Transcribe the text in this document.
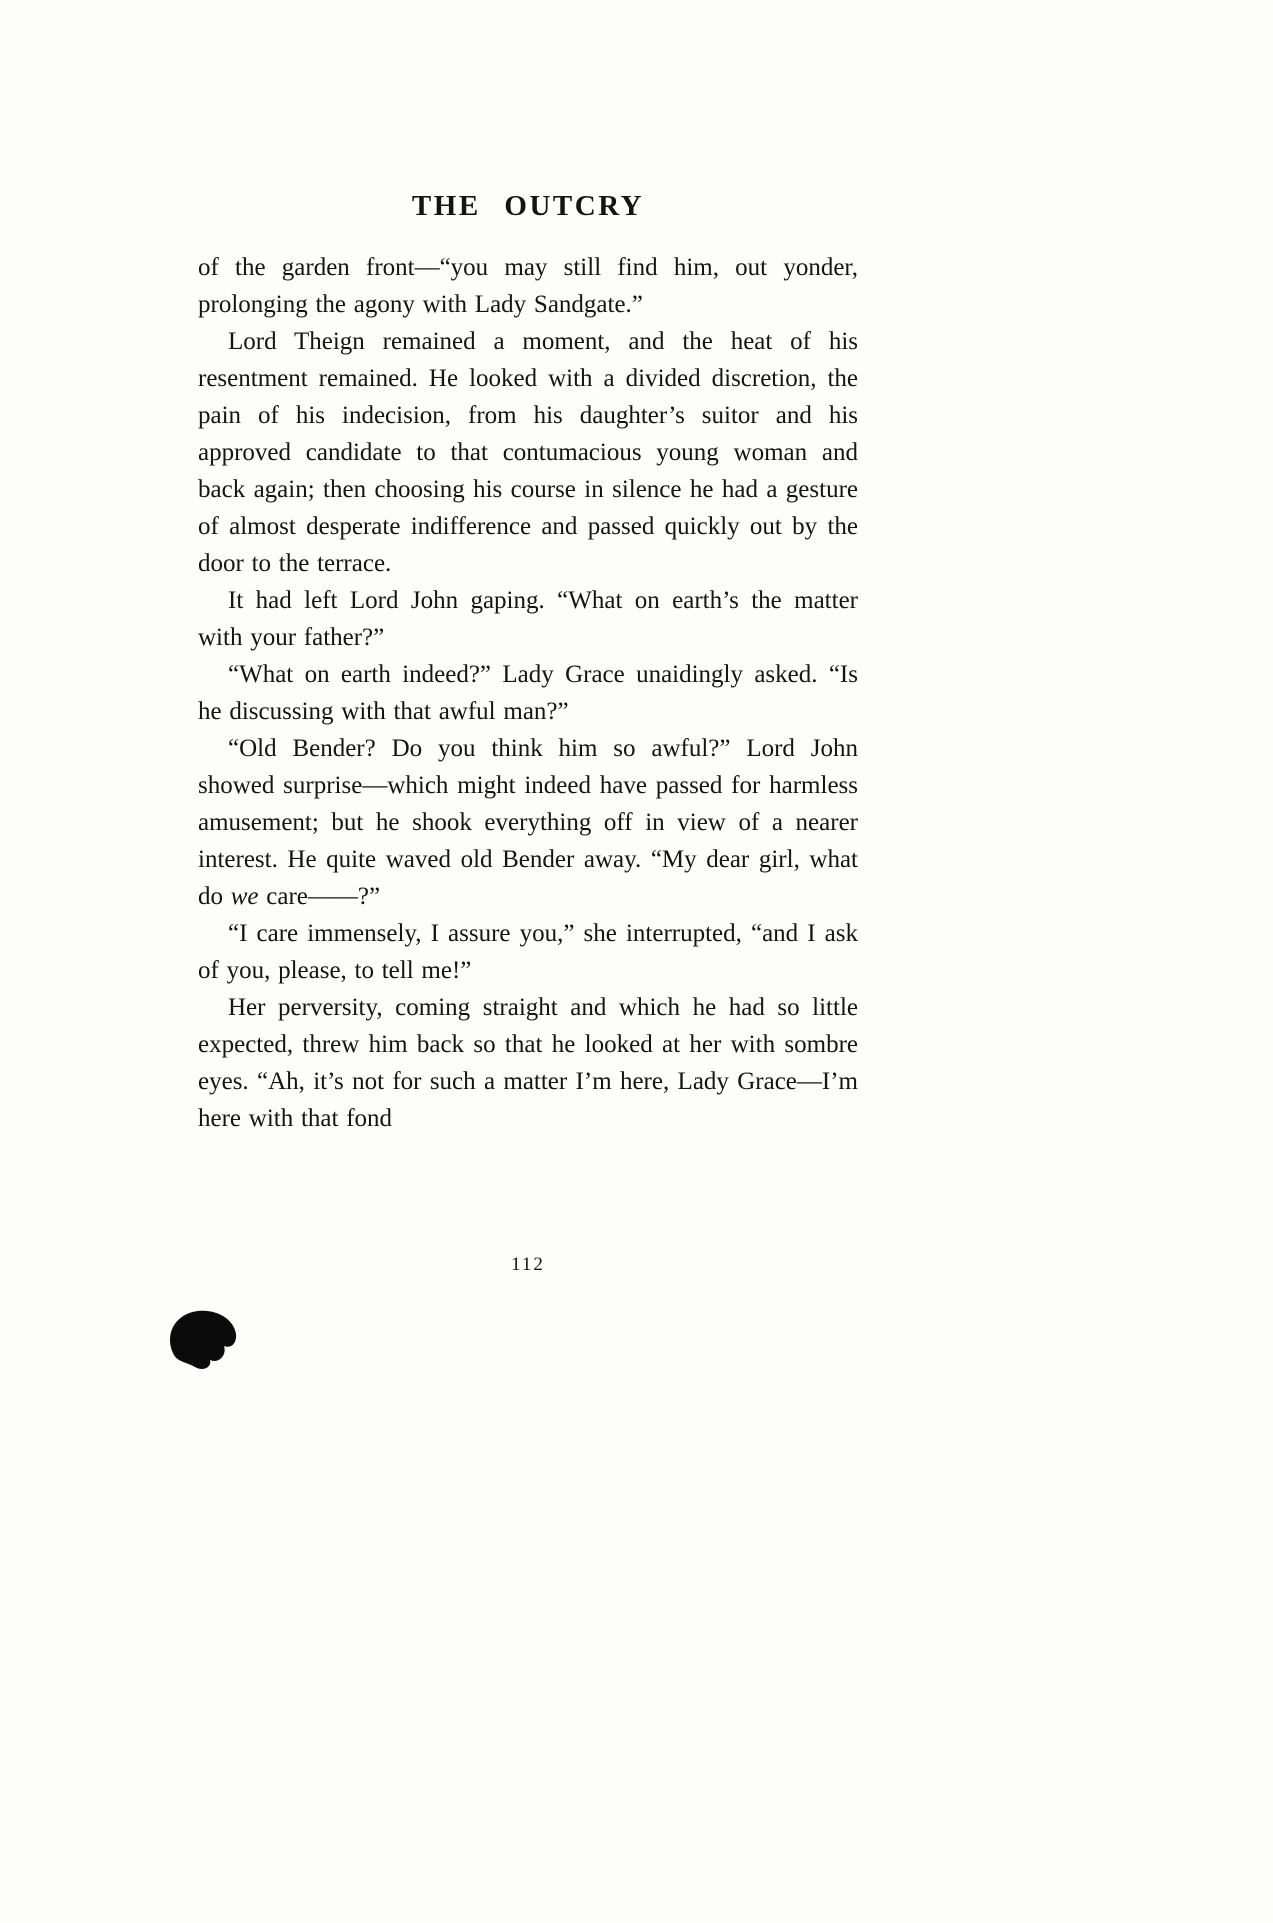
THE OUTCRY

of the garden front—“you may still find him, out yonder, prolonging the agony with Lady Sandgate.”

Lord Theign remained a moment, and the heat of his resentment remained. He looked with a divided discretion, the pain of his indecision, from his daughter’s suitor and his approved candidate to that contumacious young woman and back again; then choosing his course in silence he had a gesture of almost desperate indifference and passed quickly out by the door to the terrace.

It had left Lord John gaping. “What on earth’s the matter with your father?”

“What on earth indeed?” Lady Grace unaidingly asked. “Is he discussing with that awful man?”

“Old Bender? Do you think him so awful?” Lord John showed surprise—which might indeed have passed for harmless amusement; but he shook everything off in view of a nearer interest. He quite waved old Bender away. “My dear girl, what do we care——?”

“I care immensely, I assure you,” she interrupted, “and I ask of you, please, to tell me!”

Her perversity, coming straight and which he had so little expected, threw him back so that he looked at her with sombre eyes. “Ah, it’s not for such a matter I’m here, Lady Grace—I’m here with that fond

112
